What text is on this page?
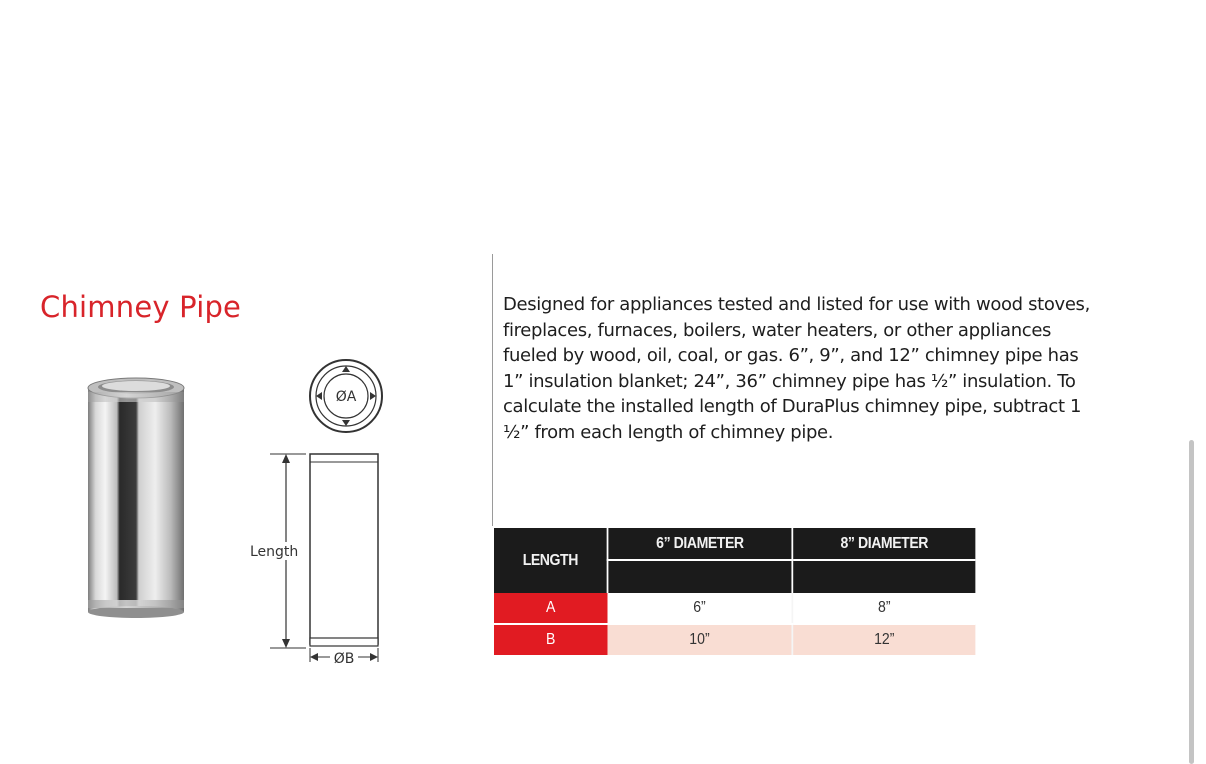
Chimney Pipe
ØA
Length
ØB
Designed for appliances tested and listed for use with wood stoves,
fireplaces, furnaces, boilers, water heaters, or other appliances
fueled by wood, oil, coal, or gas. 6”, 9”, and 12” chimney pipe has
1” insulation blanket; 24”, 36” chimney pipe has ½” insulation. To
calculate the installed length of DuraPlus chimney pipe, subtract 1
½” from each length of chimney pipe.
LENGTH	6” DIAMETER	8” DIAMETER

A	6”	8”
B	10”	12”
